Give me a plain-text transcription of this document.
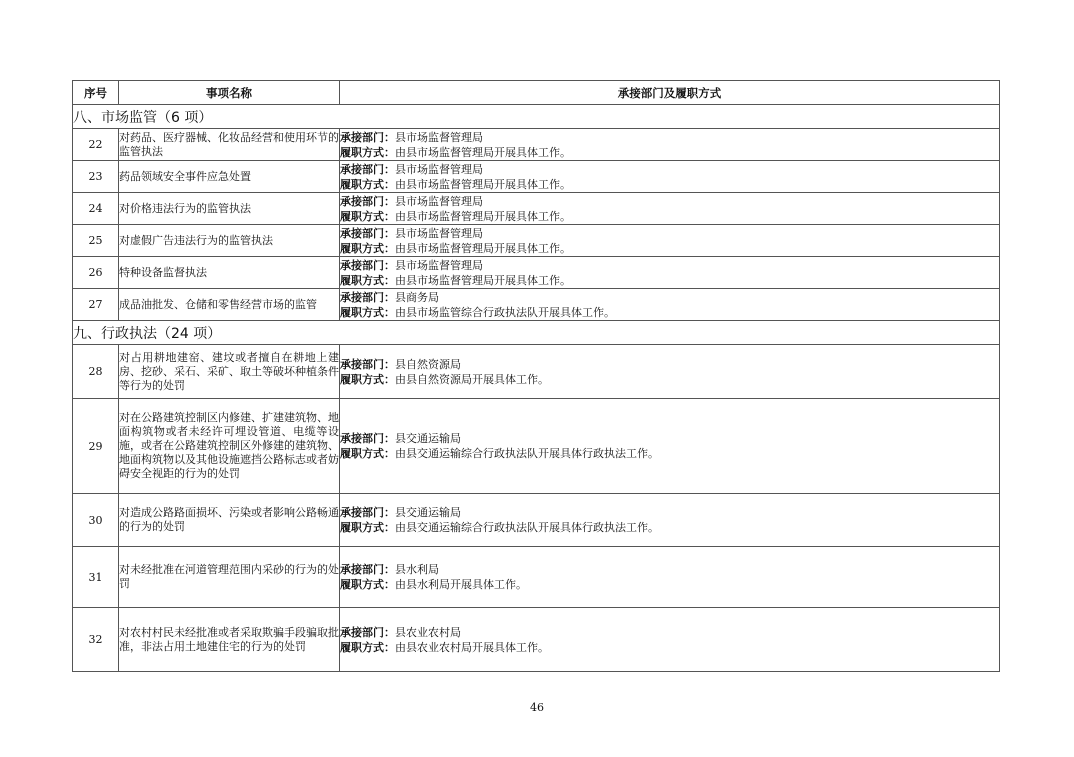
序号	事项名称	承接部门及履职方式
八、市场监管（6 项）		
22	对药品、医疗器械、化妆品经营和使用环节的监管执法	承接部门：县市场监督管理局
履职方式：由县市场监督管理局开展具体工作。

23	药品领域安全事件应急处置	承接部门：县市场监督管理局
履职方式：由县市场监督管理局开展具体工作。

24	对价格违法行为的监管执法	承接部门：县市场监督管理局
履职方式：由县市场监督管理局开展具体工作。

25	对虚假广告违法行为的监管执法	承接部门：县市场监督管理局
履职方式：由县市场监督管理局开展具体工作。

26	特种设备监督执法	承接部门：县市场监督管理局
履职方式：由县市场监督管理局开展具体工作。

27	成品油批发、仓储和零售经营市场的监管	承接部门：县商务局
履职方式：由县市场监管综合行政执法队开展具体工作。

九、行政执法（24 项）		
28	对占用耕地建窑、建坟或者擅自在耕地上建房、挖砂、采石、采矿、取土等破坏种植条件等行为的处罚	承接部门：县自然资源局
履职方式：由县自然资源局开展具体工作。

29	对在公路建筑控制区内修建、扩建建筑物、地面构筑物或者未经许可埋设管道、电缆等设施，或者在公路建筑控制区外修建的建筑物、地面构筑物以及其他设施遮挡公路标志或者妨碍安全视距的行为的处罚	承接部门：县交通运输局
履职方式：由县交通运输综合行政执法队开展具体行政执法工作。

30	对造成公路路面损坏、污染或者影响公路畅通的行为的处罚	承接部门：县交通运输局
履职方式：由县交通运输综合行政执法队开展具体行政执法工作。

31	对未经批准在河道管理范围内采砂的行为的处罚	承接部门：县水利局
履职方式：由县水利局开展具体工作。

32	对农村村民未经批准或者采取欺骗手段骗取批准，非法占用土地建住宅的行为的处罚	承接部门：县农业农村局
履职方式：由县农业农村局开展具体工作。
46
